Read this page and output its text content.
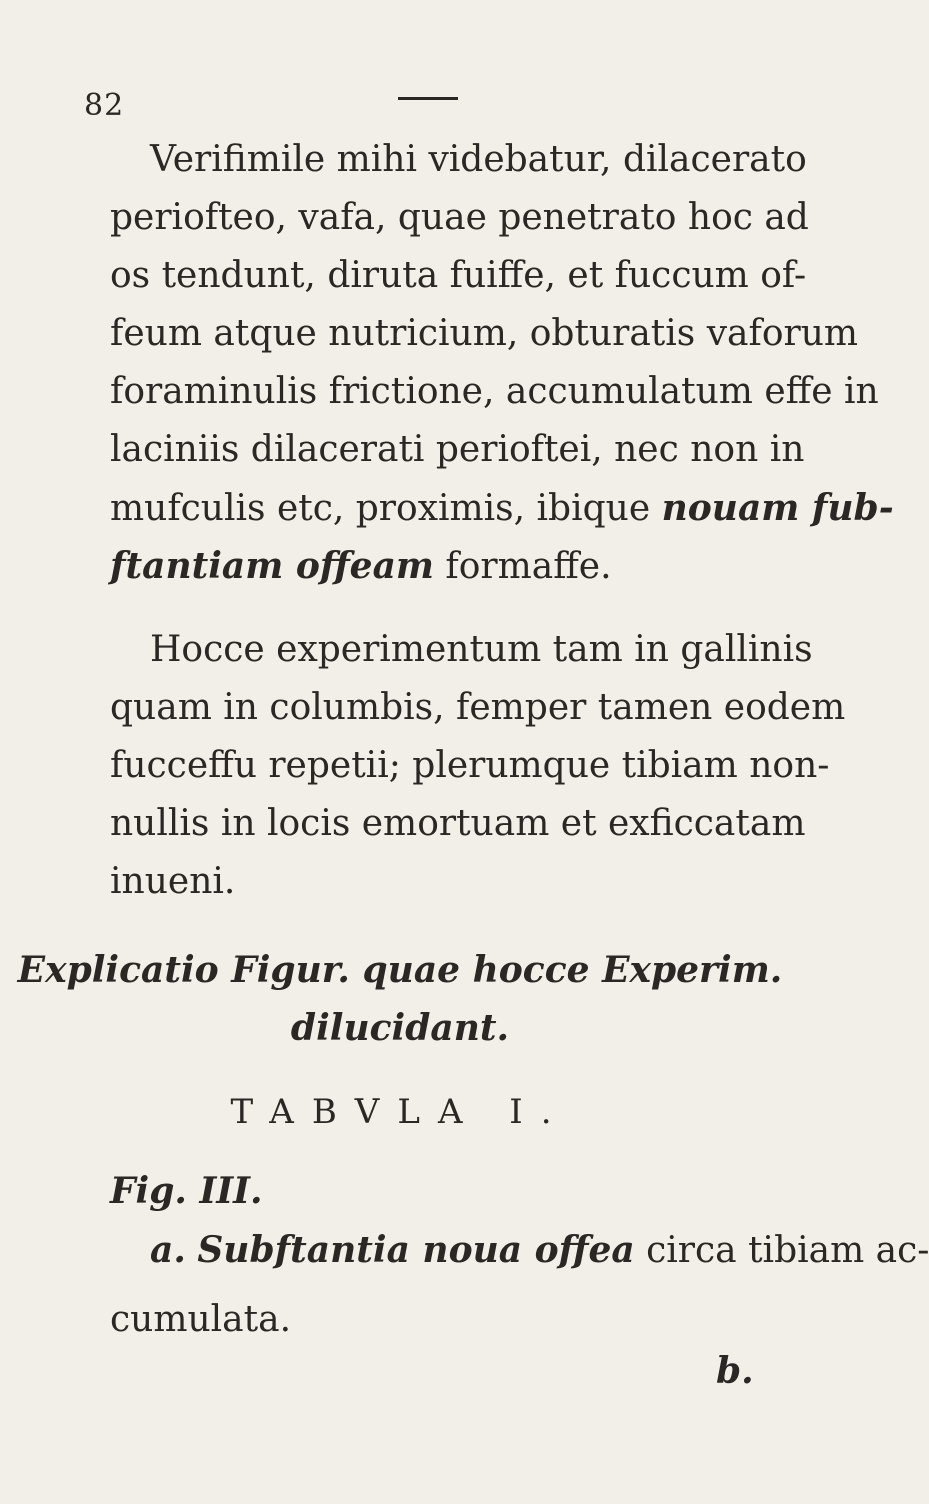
82
Verifimile mihi videbatur, dilacerato
periofteo, vafa, quae penetrato hoc ad
os tendunt, diruta fuiffe, et fuccum of-
feum atque nutricium, obturatis vaforum
foraminulis frictione, accumulatum effe in
laciniis dilacerati perioftei, nec non in
mufculis etc, proximis, ibique nouam fub-
ftantiam offeam formaffe.
Hocce experimentum tam in gallinis
quam in columbis, femper tamen eodem
fucceffu repetii; plerumque tibiam non-
nullis in locis emortuam et exficcatam
inueni.
Explicatio Figur. quae hocce Experim.
dilucidant.
TABVLA I.
Fig. III.
a. Subftantia noua offea circa tibiam ac-
cumulata.
b.
